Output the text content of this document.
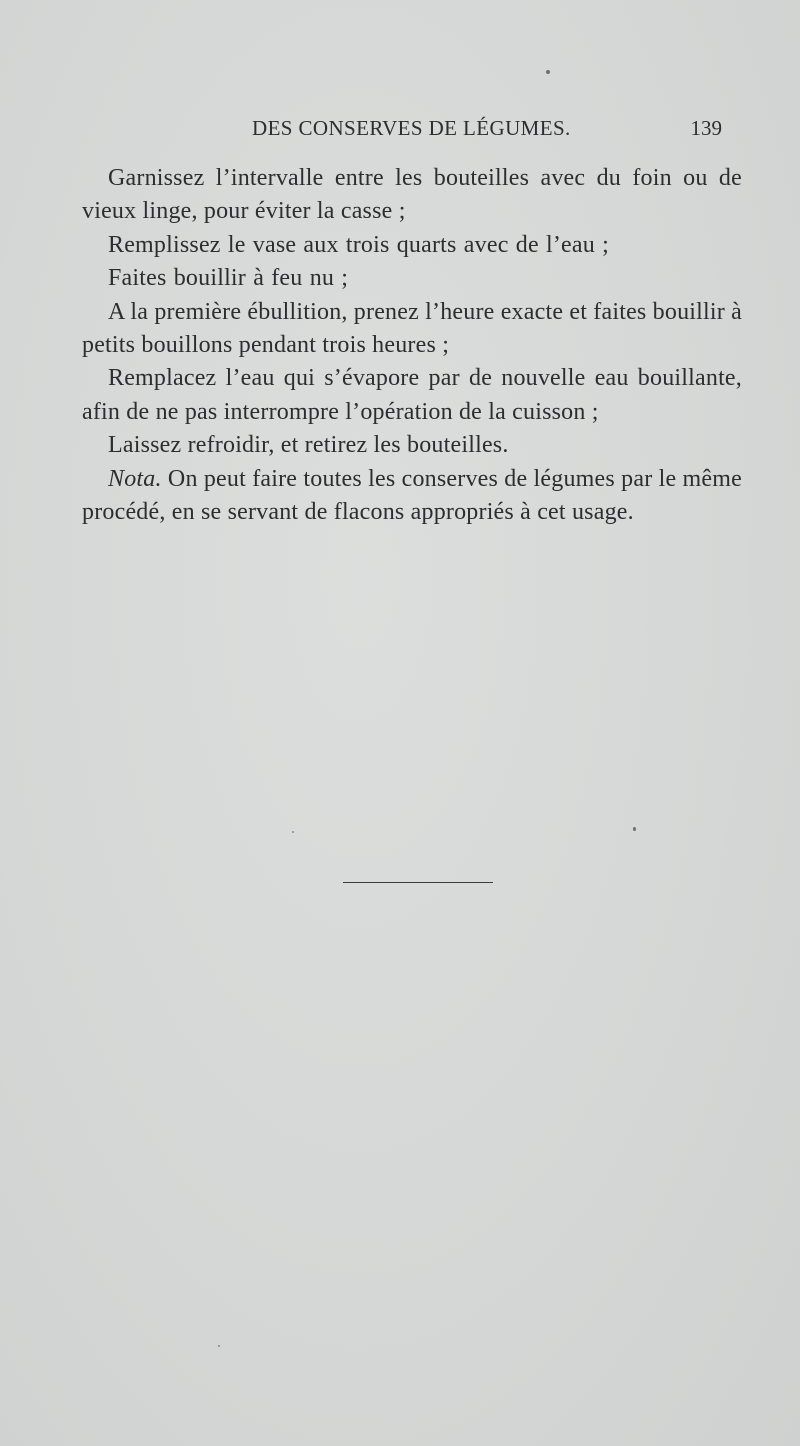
DES CONSERVES DE LÉGUMES.	139

Garnissez l’intervalle entre les bouteilles avec du foin ou de vieux linge, pour éviter la casse ;

Remplissez le vase aux trois quarts avec de l’eau ;

Faites bouillir à feu nu ;

A la première ébullition, prenez l’heure exacte et faites bouillir à petits bouillons pendant trois heures ;

Remplacez l’eau qui s’évapore par de nouvelle eau bouillante, afin de ne pas interrompre l’opération de la cuisson ;

Laissez refroidir, et retirez les bouteilles.

Nota. On peut faire toutes les conserves de légumes par le même procédé, en se servant de flacons appropriés à cet usage.
